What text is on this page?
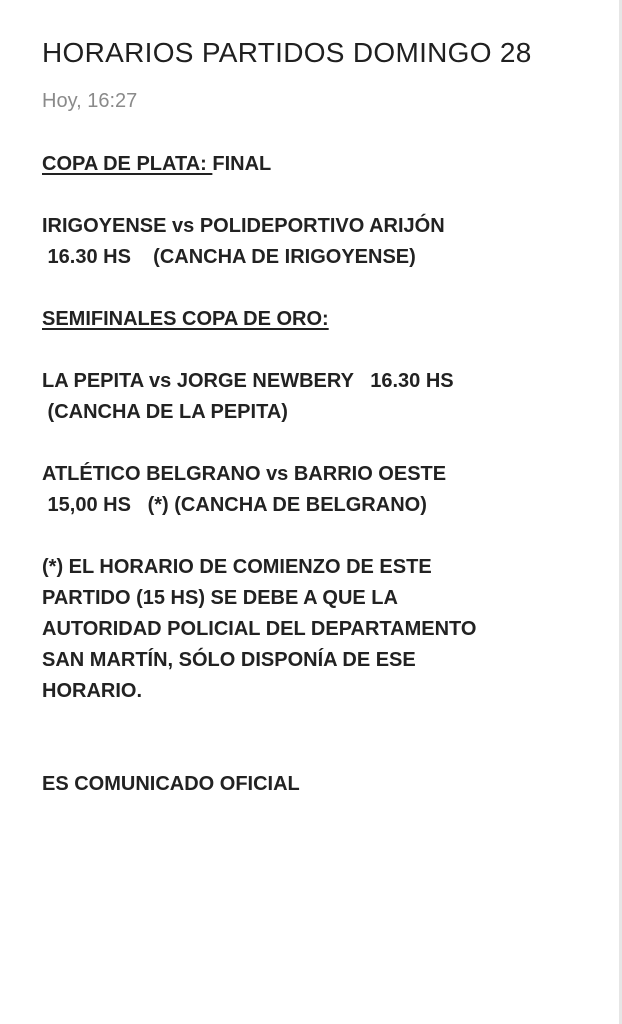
HORARIOS PARTIDOS DOMINGO 28
Hoy, 16:27

COPA DE PLATA: FINAL

IRIGOYENSE vs POLIDEPORTIVO ARIJÓN

16.30 HS    (CANCHA DE IRIGOYENSE)

SEMIFINALES COPA DE ORO:

LA PEPITA vs JORGE NEWBERY   16.30 HS

(CANCHA DE LA PEPITA)

ATLÉTICO BELGRANO vs BARRIO OESTE

15,00 HS   (*) (CANCHA DE BELGRANO)

(*) EL HORARIO DE COMIENZO DE ESTE

PARTIDO (15 HS) SE DEBE A QUE LA

AUTORIDAD POLICIAL DEL DEPARTAMENTO

SAN MARTÍN, SÓLO DISPONÍA DE ESE

HORARIO.

ES COMUNICADO OFICIAL
